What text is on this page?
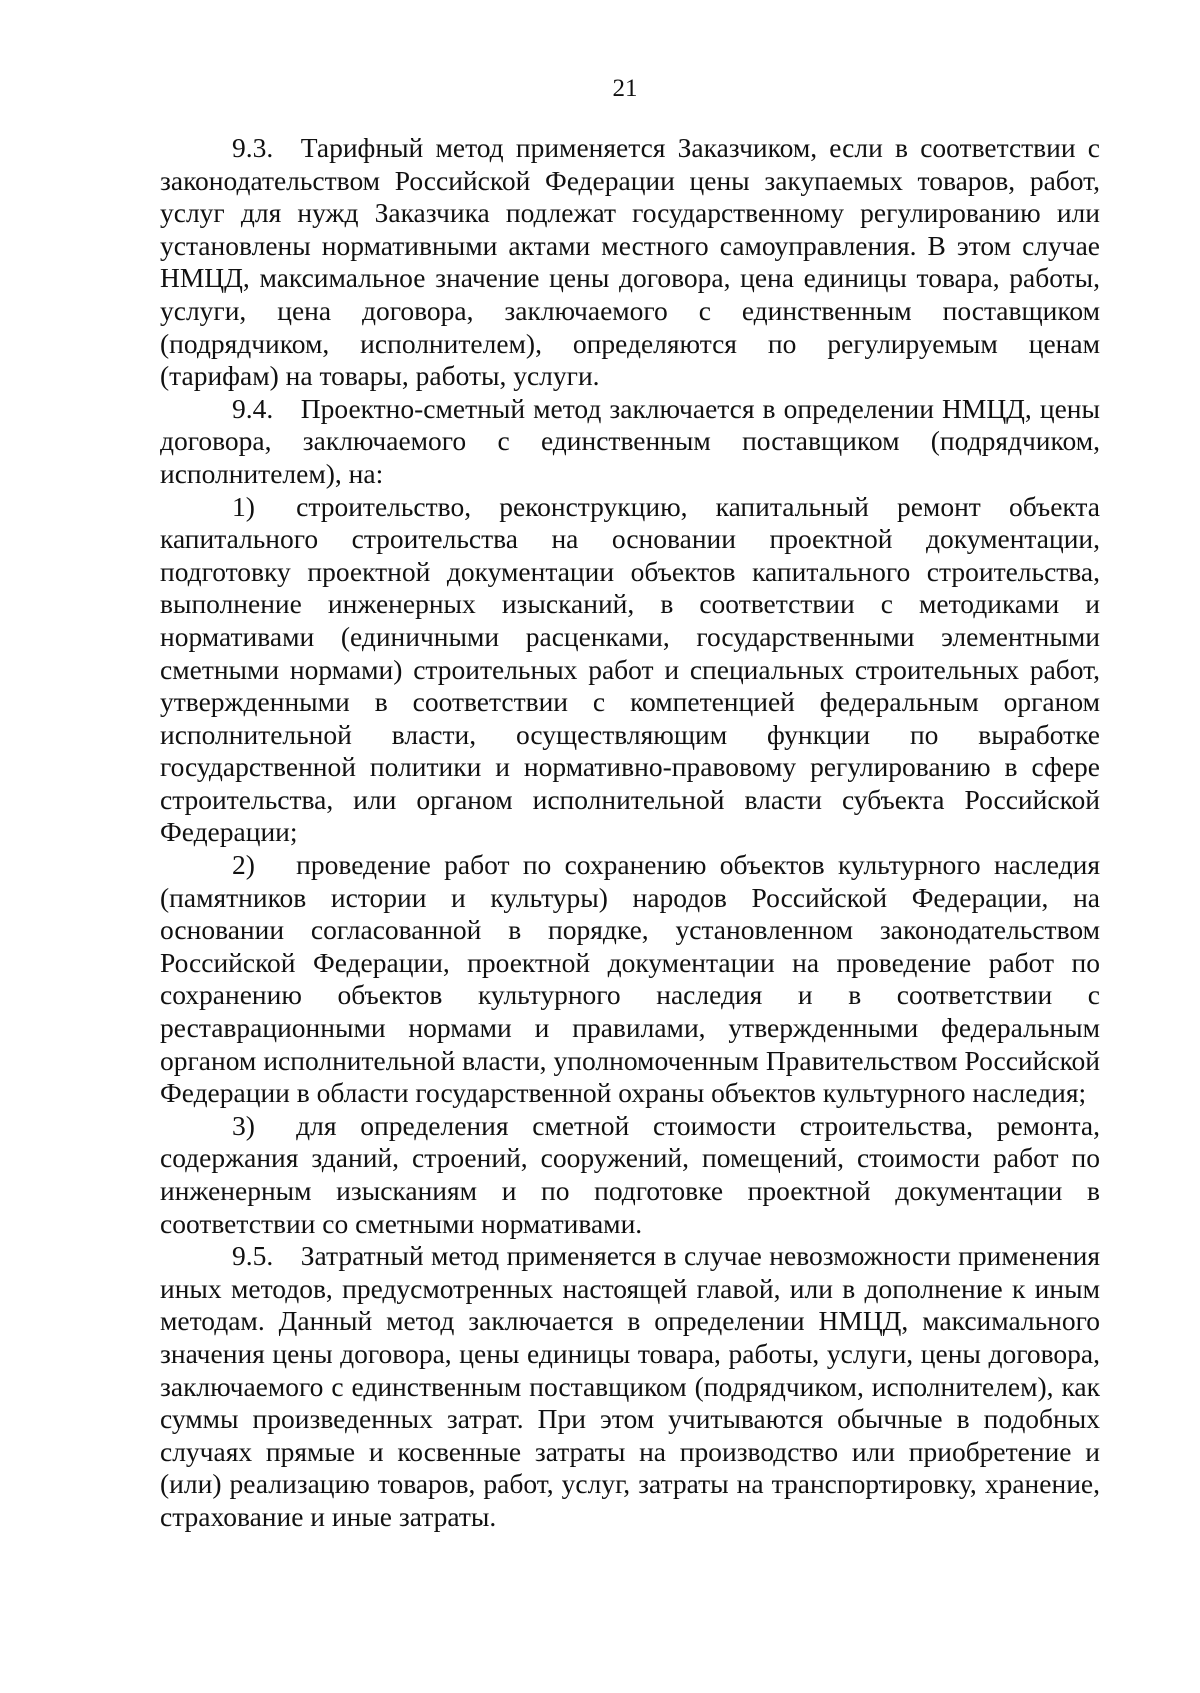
21

9.3. Тарифный метод применяется Заказчиком, если в соответствии с законодательством Российской Федерации цены закупаемых товаров, работ, услуг для нужд Заказчика подлежат государственному регулированию или установлены нормативными актами местного самоуправления. В этом случае НМЦД, максимальное значение цены договора, цена единицы товара, работы, услуги, цена договора, заключаемого с единственным поставщиком (подрядчиком, исполнителем), определяются по регулируемым ценам (тарифам) на товары, работы, услуги.

9.4. Проектно-сметный метод заключается в определении НМЦД, цены договора, заключаемого с единственным поставщиком (подрядчиком, исполнителем), на:

1)  строительство, реконструкцию, капитальный ремонт объекта капитального строительства на основании проектной документации, подготовку проектной документации объектов капитального строительства, выполнение инженерных изысканий, в соответствии с методиками и нормативами (единичными расценками, государственными элементными сметными нормами) строительных работ и специальных строительных работ, утвержденными в соответствии с компетенцией федеральным органом исполнительной власти, осуществляющим функции по выработке государственной политики и нормативно-правовому регулированию в сфере строительства, или органом исполнительной власти субъекта Российской Федерации;

2)  проведение работ по сохранению объектов культурного наследия (памятников истории и культуры) народов Российской Федерации, на основании согласованной в порядке, установленном законодательством Российской Федерации, проектной документации на проведение работ по сохранению объектов культурного наследия и в соответствии с реставрационными нормами и правилами, утвержденными федеральным органом исполнительной власти, уполномоченным Правительством Российской Федерации в области государственной охраны объектов культурного наследия;

3)  для определения сметной стоимости строительства, ремонта, содержания зданий, строений, сооружений, помещений, стоимости работ по инженерным изысканиям и по подготовке проектной документации в соответствии со сметными нормативами.

9.5. Затратный метод применяется в случае невозможности применения иных методов, предусмотренных настоящей главой, или в дополнение к иным методам. Данный метод заключается в определении НМЦД, максимального значения цены договора, цены единицы товара, работы, услуги, цены договора, заключаемого с единственным поставщиком (подрядчиком, исполнителем), как суммы произведенных затрат. При этом учитываются обычные в подобных случаях прямые и косвенные затраты на производство или приобретение и (или) реализацию товаров, работ, услуг, затраты на транспортировку, хранение, страхование и иные затраты.
